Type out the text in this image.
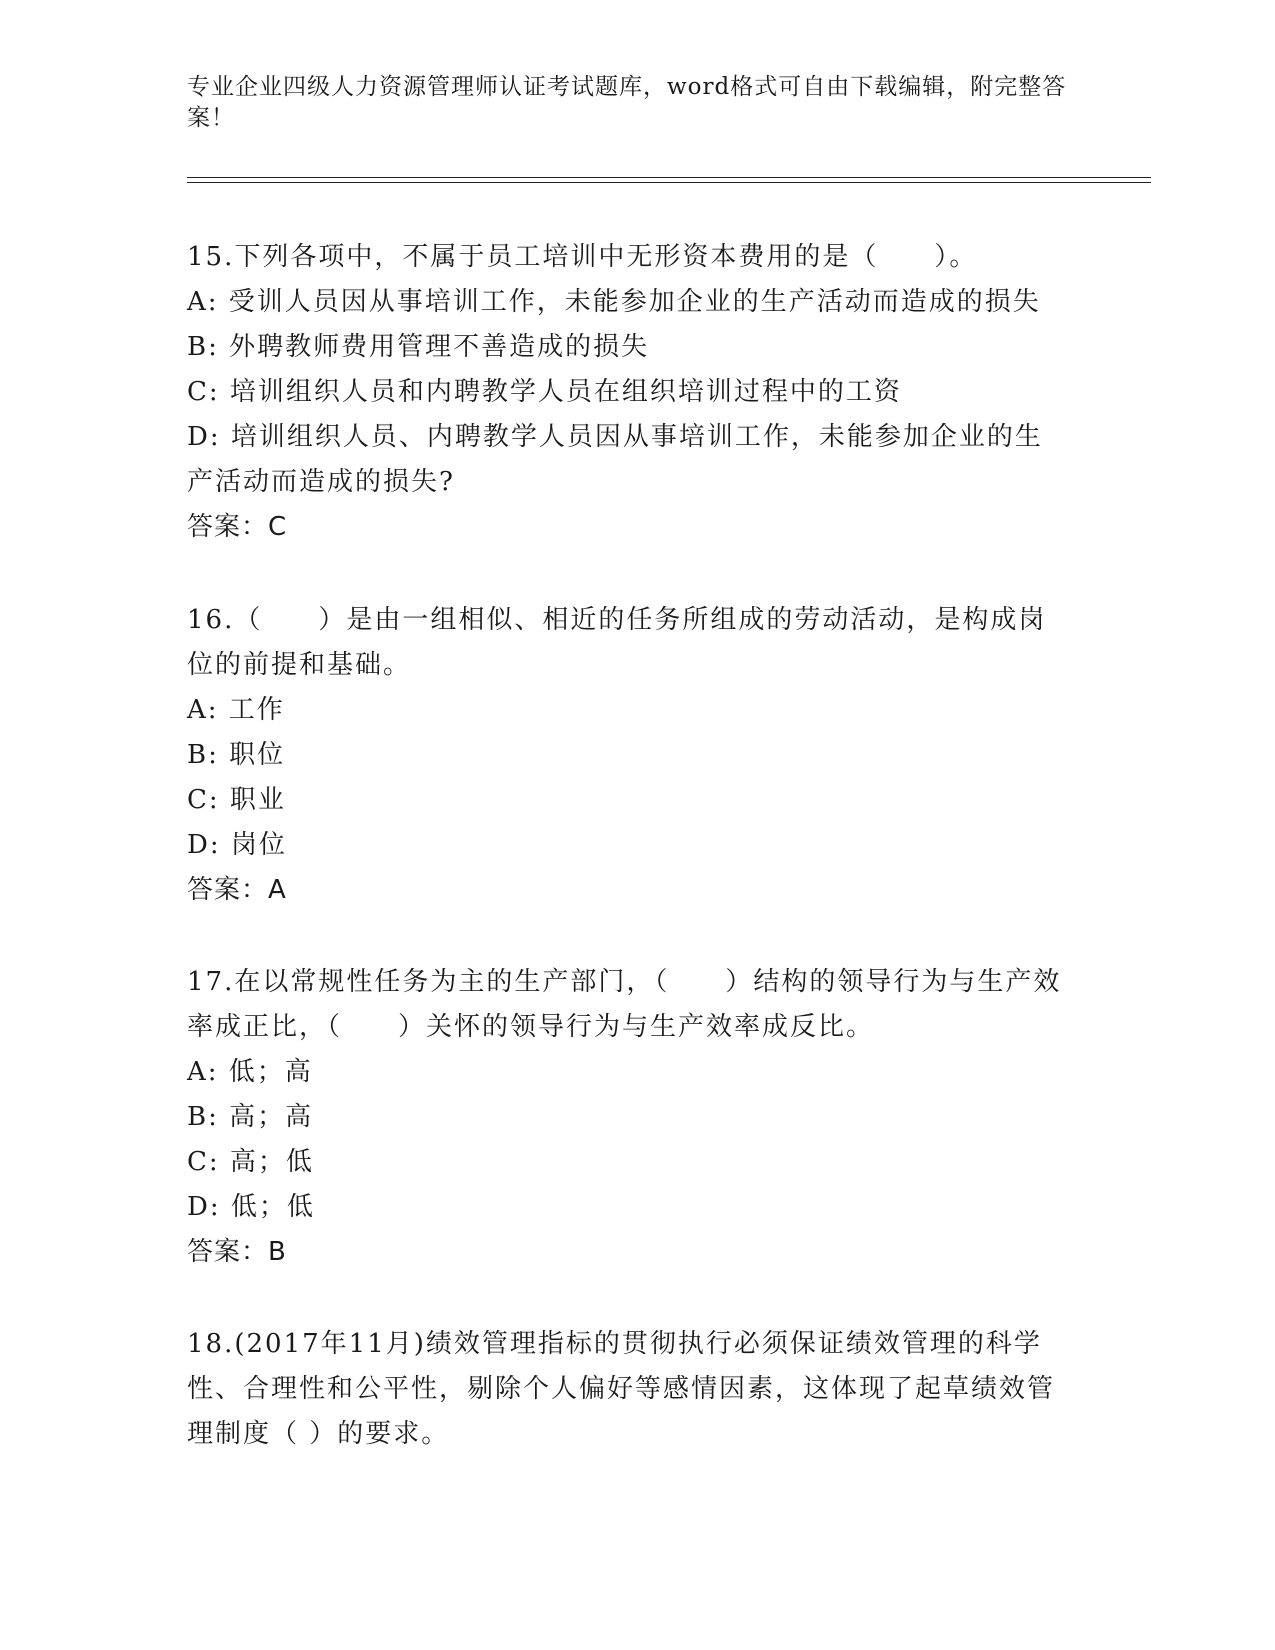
专业企业四级人力资源管理师认证考试题库，word格式可自由下载编辑，附完整答案！
15.下列各项中，不属于员工培训中无形资本费用的是（　　）。
A: 受训人员因从事培训工作，未能参加企业的生产活动而造成的损失
B: 外聘教师费用管理不善造成的损失
C: 培训组织人员和内聘教学人员在组织培训过程中的工资
D: 培训组织人员、内聘教学人员因从事培训工作，未能参加企业的生产活动而造成的损失?
答案：C
16.（　　）是由一组相似、相近的任务所组成的劳动活动，是构成岗位的前提和基础。
A: 工作
B: 职位
C: 职业
D: 岗位
答案：A
17.在以常规性任务为主的生产部门，（　　）结构的领导行为与生产效率成正比，（　　）关怀的领导行为与生产效率成反比。
A: 低；高
B: 高；高
C: 高；低
D: 低；低
答案：B
18.(2017年11月)绩效管理指标的贯彻执行必须保证绩效管理的科学性、合理性和公平性，剔除个人偏好等感情因素，这体现了起草绩效管理制度（ ）的要求。
